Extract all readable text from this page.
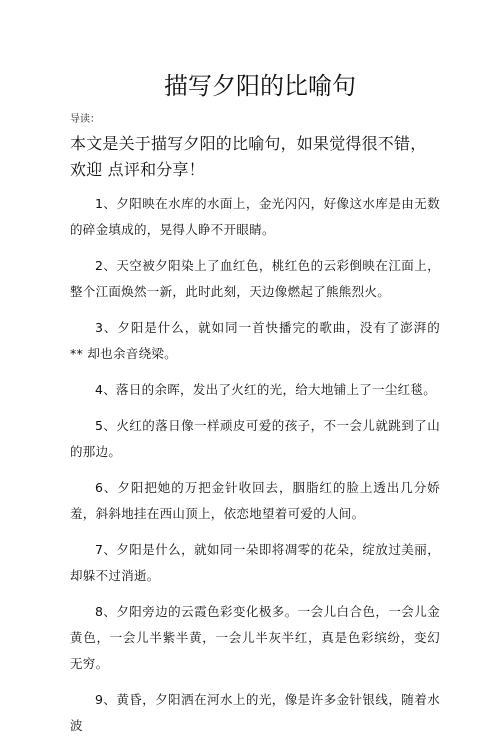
描写夕阳的比喻句
导读：
本文是关于描写夕阳的比喻句，如果觉得很不错，欢迎 点评和分享！

1、夕阳映在水库的水面上，金光闪闪，好像这水库是由无数的碎金填成的，晃得人睁不开眼睛。

2、天空被夕阳染上了血红色，桃红色的云彩倒映在江面上，整个江面焕然一新，此时此刻，天边像燃起了熊熊烈火。

3、夕阳是什么，就如同一首快播完的歌曲，没有了澎湃的 ** 却也余音绕梁。

4、落日的余晖，发出了火红的光，给大地铺上了一尘红毯。

5、火红的落日像一样顽皮可爱的孩子，不一会儿就跳到了山的那边。

6、夕阳把她的万把金针收回去，胭脂红的脸上透出几分娇羞，斜斜地挂在西山顶上，依恋地望着可爱的人间。

7、夕阳是什么，就如同一朵即将凋零的花朵，绽放过美丽，却躲不过消逝。

8、夕阳旁边的云霞色彩变化极多。一会儿白合色，一会儿金黄色，一会儿半紫半黄，一会儿半灰半红，真是色彩缤纷，变幻无穷。

9、黄昏，夕阳洒在河水上的光，像是许多金针银线，随着水波
